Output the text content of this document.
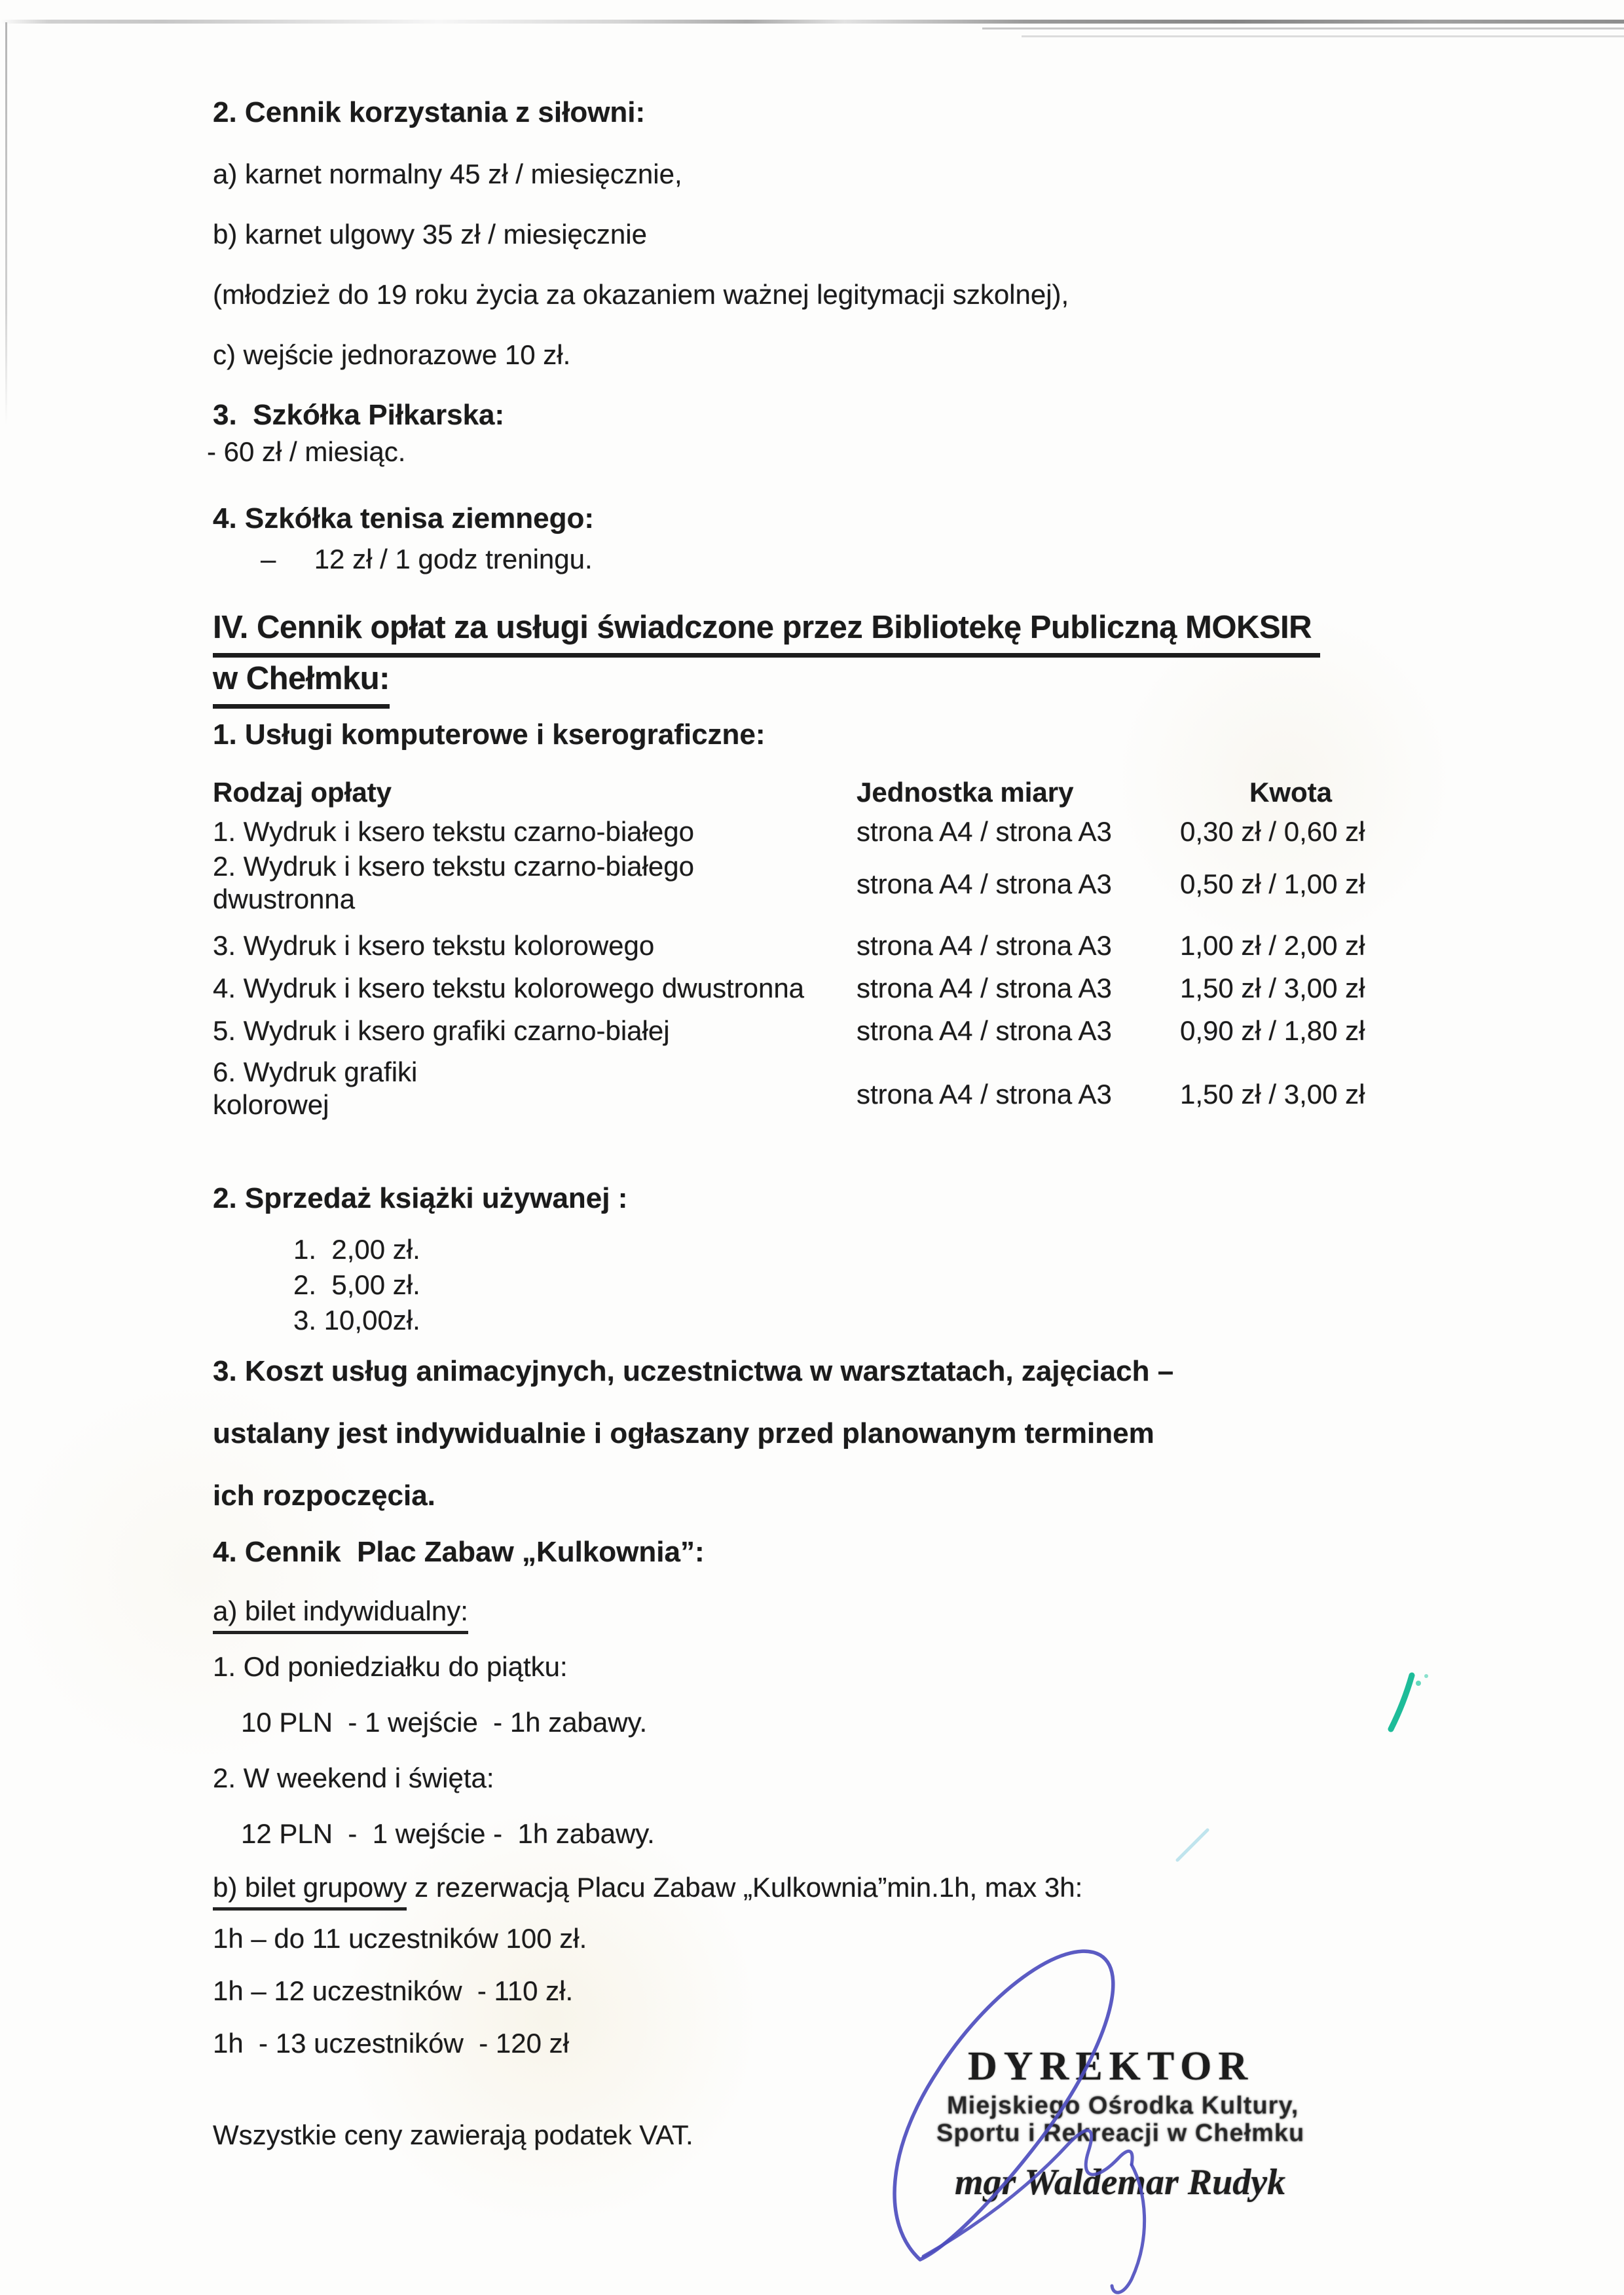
2. Cennik korzystania z siłowni:
a) karnet normalny 45 zł / miesięcznie,
b) karnet ulgowy 35 zł / miesięcznie
(młodzież do 19 roku życia za okazaniem ważnej legitymacji szkolnej),
c) wejście jednorazowe 10 zł.
3.  Szkółka Piłkarska:
- 60 zł / miesiąc.
4. Szkółka tenisa ziemnego:
–     12 zł / 1 godz treningu.
IV. Cennik opłat za usługi świadczone przez Bibliotekę Publiczną MOKSIR
w Chełmku:
1. Usługi komputerowe i kserograficzne:
Rodzaj opłaty	Jednostka miary	Kwota
1. Wydruk i ksero tekstu czarno-białego	strona A4 / strona A3 0,30 zł / 0,60 zł
2. Wydruk i ksero tekstu czarno-białego dwustronna	strona A4 / strona A3 0,50 zł / 1,00 zł
3. Wydruk i ksero tekstu kolorowego	strona A4 / strona A3 1,00 zł / 2,00 zł
4. Wydruk i ksero tekstu kolorowego dwustronna strona A4 / strona A3 1,50 zł / 3,00 zł
5. Wydruk i ksero grafiki czarno-białej	strona A4 / strona A3 0,90 zł / 1,80 zł
6. Wydruk grafiki kolorowej	strona A4 / strona A3 1,50 zł / 3,00 zł
2. Sprzedaż książki używanej :
1.  2,00 zł.
2.  5,00 zł.
3. 10,00zł.
3. Koszt usług animacyjnych, uczestnictwa w warsztatach, zajęciach –
ustalany jest indywidualnie i ogłaszany przed planowanym terminem
ich rozpoczęcia.
4. Cennik  Plac Zabaw „Kulkownia”:
a) bilet indywidualny:
1. Od poniedziałku do piątku:
10 PLN  - 1 wejście  - 1h zabawy.
2. W weekend i święta:
12 PLN  -  1 wejście -  1h zabawy.
b) bilet grupowy z rezerwacją Placu Zabaw „Kulkownia”min.1h, max 3h:
1h – do 11 uczestników 100 zł.
1h – 12 uczestników  - 110 zł.
1h  - 13 uczestników  - 120 zł
Wszystkie ceny zawierają podatek VAT.
DYREKTOR
Miejskiego Ośrodka Kultury,
Sportu i Rekreacji w Chełmku
mgr Waldemar Rudyk
